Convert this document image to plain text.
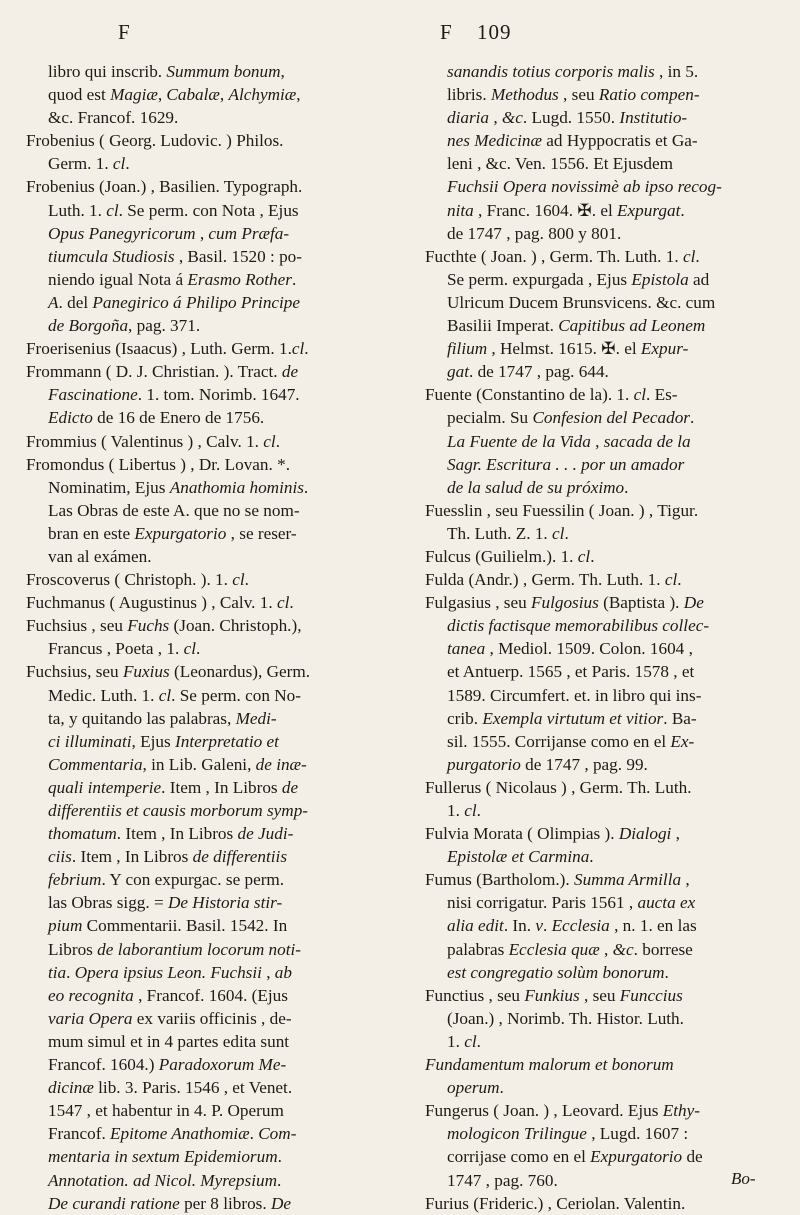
F	F 109
libro qui inscrib. Summum bonum,
quod est Magiæ, Cabalæ, Alchymiæ,
&c. Francof. 1629.
Frobenius ( Georg. Ludovic. ) Philos.
Germ. 1. cl.
Frobenius (Joan.) , Basilien. Typograph.
Luth. 1. cl. Se perm. con Nota , Ejus
Opus Panegyricorum , cum Præfa-
tiumcula Studiosis , Basil. 1520 : po-
niendo igual Nota á Erasmo Rother.
A. del Panegirico á Philipo Principe
de Borgoña, pag. 371.
Froerisenius (Isaacus) , Luth. Germ. 1.cl.
Frommann ( D. J. Christian. ). Tract. de
Fascinatione. 1. tom. Norimb. 1647.
Edicto de 16 de Enero de 1756.
Frommius ( Valentinus ) , Calv. 1. cl.
Fromondus ( Libertus ) , Dr. Lovan. *.
Nominatim, Ejus Anathomia hominis.
Las Obras de este A. que no se nom-
bran en este Expurgatorio , se reser-
van al exámen.
Froscoverus ( Christoph. ). 1. cl.
Fuchmanus ( Augustinus ) , Calv. 1. cl.
Fuchsius , seu Fuchs (Joan. Christoph.),
Francus , Poeta , 1. cl.
Fuchsius, seu Fuxius (Leonardus), Germ.
Medic. Luth. 1. cl. Se perm. con No-
ta, y quitando las palabras, Medi-
ci illuminati, Ejus Interpretatio et
Commentaria, in Lib. Galeni, de inæ-
quali intemperie. Item , In Libros de
differentiis et causis morborum symp-
thomatum. Item , In Libros de Judi-
ciis. Item , In Libros de differentiis
febrium. Y con expurgac. se perm.
las Obras sigg. = De Historia stir-
pium Commentarii. Basil. 1542. In
Libros de laborantium locorum noti-
tia. Opera ipsius Leon. Fuchsii , ab
eo recognita , Francof. 1604. (Ejus
varia Opera ex variis officinis , de-
mum simul et in 4 partes edita sunt
Francof. 1604.) Paradoxorum Me-
dicinæ lib. 3. Paris. 1546 , et Venet.
1547 , et habentur in 4. P. Operum
Francof. Epitome Anathomiæ. Com-
mentaria in sextum Epidemiorum.
Annotation. ad Nicol. Myrepsium.
De curandi ratione per 8 libros. De
sanandis totius corporis malis , in 5.
libris. Methodus , seu Ratio compen-
diaria , &c. Lugd. 1550. Institutio-
nes Medicinæ ad Hyppocratis et Ga-
leni , &c. Ven. 1556. Et Ejusdem
Fuchsii Opera novissimè ab ipso recog-
nita , Franc. 1604. ✠. el Expurgat.
de 1747 , pag. 800 y 801.
Fucthte ( Joan. ) , Germ. Th. Luth. 1. cl.
Se perm. expurgada , Ejus Epistola ad
Ulricum Ducem Brunsvicens. &c. cum
Basilii Imperat. Capitibus ad Leonem
filium , Helmst. 1615. ✠. el Expur-
gat. de 1747 , pag. 644.
Fuente (Constantino de la). 1. cl. Es-
pecialm. Su Confesion del Pecador.
La Fuente de la Vida , sacada de la
Sagr. Escritura . . . por un amador
de la salud de su próximo.
Fuesslin , seu Fuessilin ( Joan. ) , Tigur.
Th. Luth. Z. 1. cl.
Fulcus (Guilielm.). 1. cl.
Fulda (Andr.) , Germ. Th. Luth. 1. cl.
Fulgasius , seu Fulgosius (Baptista ). De
dictis factisque memorabilibus collec-
tanea , Mediol. 1509. Colon. 1604 ,
et Antuerp. 1565 , et Paris. 1578 , et
1589. Circumfert. et. in libro qui ins-
crib. Exempla virtutum et vitior. Ba-
sil. 1555. Corrijanse como en el Ex-
purgatorio de 1747 , pag. 99.
Fullerus ( Nicolaus ) , Germ. Th. Luth.
1. cl.
Fulvia Morata ( Olimpias ). Dialogi ,
Epistolæ et Carmina.
Fumus (Bartholom.). Summa Armilla ,
nisi corrigatur. Paris 1561 , aucta ex
alia edit. In. v. Ecclesia , n. 1. en las
palabras Ecclesia quæ , &c. borrese
est congregatio solùm bonorum.
Functius , seu Funkius , seu Funccius
(Joan.) , Norimb. Th. Histor. Luth.
1. cl.
Fundamentum malorum et bonorum
operum.
Fungerus ( Joan. ) , Leovard. Ejus Ethy-
mologicon Trilingue , Lugd. 1607 :
corrijase como en el Expurgatorio de
1747 , pag. 760.
Furius (Frideric.) , Ceriolan. Valentin.
Bo-
